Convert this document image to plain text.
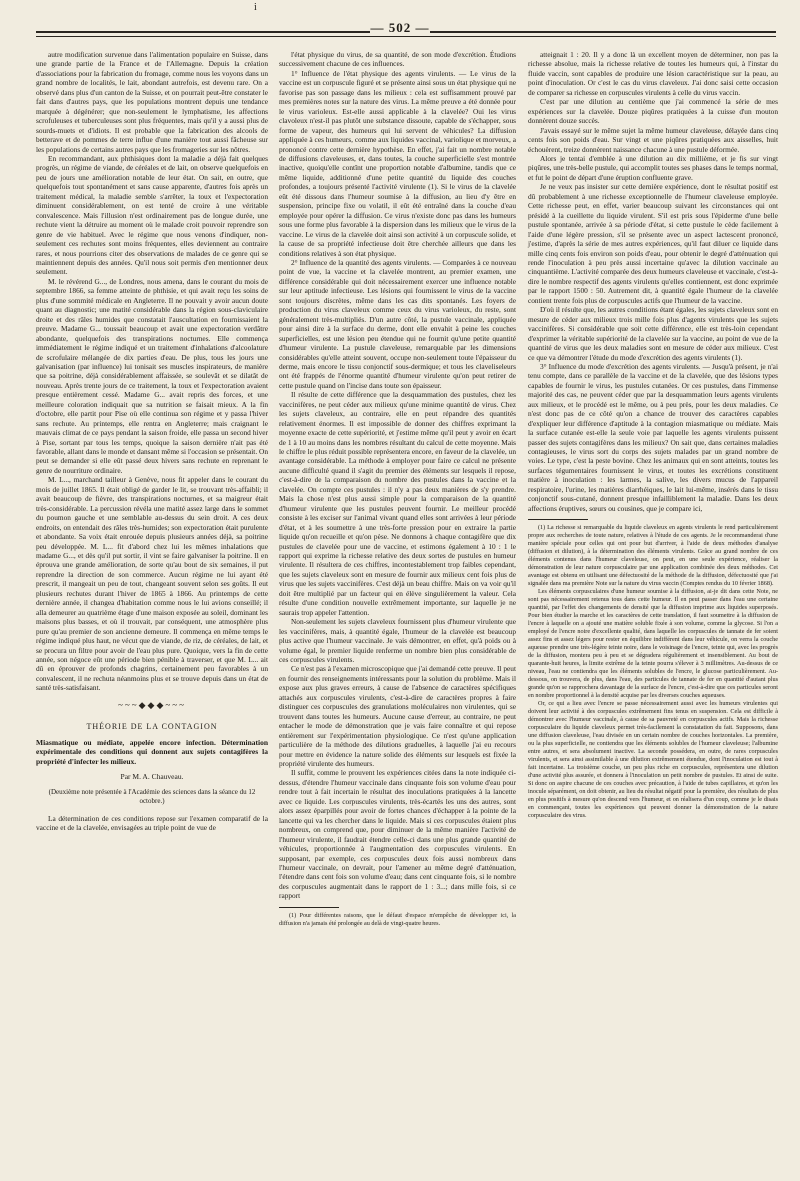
i
— 502 —

autre modification survenue dans l'alimentation populaire en Suisse, dans une grande partie de la France et de l'Allemagne. Depuis la création d'associations pour la fabrication du fromage, comme nous les voyons dans un grand nombre de localités, le lait, abondant autrefois, est devenu rare. On a observé dans plus d'un canton de la Suisse, et on pourrait peut-être constater le fait dans d'autres pays, que les populations montrent depuis une tendance marquée à dégénérer; que non-seulement le lymphatisme, les affections scrofuleuses et tuberculeuses sont plus fréquentes, mais qu'il y a aussi plus de sourds-muets et d'idiots. Il est probable que la fabrication des alcools de betterave et de pommes de terre influe d'une manière tout aussi fâcheuse sur les populations de certains autres pays que les fromageries sur les nôtres.

En recommandant, aux phthisiques dont la maladie a déjà fait quelques progrès, un régime de viande, de céréales et de lait, on observe quelquefois en peu de jours une amélioration notable de leur état. On sait, en outre, que quelquefois tout spontanément et sans cause apparente, d'autres fois après un traitement médical, la maladie semble s'arrêter, la toux et l'expectoration diminuent considérablement, on est tenté de croire à une véritable convalescence. Mais l'illusion n'est ordinairement pas de longue durée, une rechute vient la détruire au moment où le malade croit pouvoir reprendre son genre de vie habituel. Avec le régime que nous venons d'indiquer, non-seulement ces rechutes sont moins fréquentes, elles deviennent au contraire rares, et nous pourrions citer des observations de malades de ce genre qui se maintiennent depuis des années. Qu'il nous soit permis d'en mentionner deux seulement.

M. le révérend G..., de Londres, nous amena, dans le courant du mois de septembre 1866, sa femme atteinte de phthisie, et qui avait reçu les soins de plus d'une sommité médicale en Angleterre. Il ne pouvait y avoir aucun doute quant au diagnostic; une matité considérable dans la région sous-claviculaire droite et des râles humides que constatait l'auscultation en fournissaient la preuve. Madame G... toussait beaucoup et avait une expectoration verdâtre abondante, quelquefois des transpirations nocturnes. Elle commença immédiatement le régime indiqué et un traitement d'inhalations d'alcoolature de scrofulaire mélangée de dix parties d'eau. De plus, tous les jours une galvanisation (par influence) lui tonisait ses muscles inspirateurs, de manière que sa poitrine, déjà considérablement affaissée, se soulevât et se dilatât de nouveau. Après trente jours de ce traitement, la toux et l'expectoration avaient presque entièrement cessé. Madame G... avait repris des forces, et une meilleure coloration indiquait que sa nutrition se faisait mieux. A la fin d'octobre, elle partit pour Pise où elle continua son régime et y passa l'hiver sans rechute. Au printemps, elle rentra en Angleterre; mais craignant le mauvais climat de ce pays pendant la saison froide, elle passa un second hiver à Pise, sortant par tous les temps, quoique la saison dernière n'ait pas été favorable, allant dans le monde et dansant même si l'occasion se présentait. On peut se demander si elle eût passé deux hivers sans rechute en reprenant le genre de nourriture ordinaire.

M. L..., marchand tailleur à Genève, nous fit appeler dans le courant du mois de juillet 1865. Il était obligé de garder le lit, se trouvant très-affaibli; il avait beaucoup de fièvre, des transpirations nocturnes, et sa maigreur était très-considérable. La percussion révéla une matité assez large dans le sommet du poumon gauche et une semblable au-dessus du sein droit. A ces deux endroits, on entendait des râles très-humides; son expectoration était purulente et abondante. Sa voix était enrouée depuis plusieurs années déjà, sa poitrine peu développée. M. L... fit d'abord chez lui les mêmes inhalations que madame G..., et dès qu'il put sortir, il vint se faire galvaniser la poitrine. Il en éprouva une grande amélioration, de sorte qu'au bout de six semaines, il put reprendre la direction de son commerce. Aucun régime ne lui ayant été prescrit, il mangeait un peu de tout, changeant souvent selon ses goûts. Il eut plusieurs rechutes durant l'hiver de 1865 à 1866. Au printemps de cette dernière année, il changea d'habitation comme nous le lui avions conseillé; il alla demeurer au quatrième étage d'une maison exposée au soleil, dominant les maisons plus basses, et où il trouvait, par conséquent, une atmosphère plus pure qu'au premier de son ancienne demeure. Il commença en même temps le régime indiqué plus haut, ne vécut que de viande, de riz, de céréales, de lait, et se procura un filtre pour avoir de l'eau plus pure. Quoique, vers la fin de cette année, son négoce eût une période bien pénible à traverser, et que M. L... ait dû en éprouver de profonds chagrins, certainement peu favorables à un convalescent, il ne rechuta néanmoins plus et se trouve depuis dans un état de santé très-satisfaisant.

~~~◆◆◆~~~
THÉORIE DE LA CONTAGION
Miasmatique ou médiate, appelée encore infection. Détermination expérimentale des conditions qui donnent aux sujets contagifères la propriété d'infecter les milieux.
Par M. A. Chauveau.
(Deuxième note présentée à l'Académie des sciences dans la séance du 12 octobre.)

La détermination de ces conditions repose sur l'examen comparatif de la vaccine et de la clavelée, envisagées au triple point de vue de

l'état physique du virus, de sa quantité, de son mode d'excrétion. Étudions successivement chacune de ces influences.

1° Influence de l'état physique des agents virulents. — Le virus de la vaccine est un corpuscule figuré et se présente ainsi sous un état physique qui ne favorise pas son passage dans les milieux : cela est suffisamment prouvé par mes premières notes sur la nature des virus. La même preuve a été donnée pour le virus varioleux. Est-elle aussi applicable à la clavelée? Oui les virus clavoleux n'est-il pas plutôt une substance dissoute, capable de s'échapper, sous forme de vapeur, des humeurs qui lui servent de véhicules? La diffusion appliquée à ces humeurs, comme aux liquides vaccinal, variolique et morveux, a prononcé contre cette dernière hypothèse. En effet, j'ai fait un nombre notable de diffusions claveleuses, et, dans toutes, la couche superficielle s'est montrée inactive, quoiqu'elle contînt une proportion notable d'albumine, tandis que ce même liquide, additionné d'une petite quantité du liquide des couches profondes, a toujours présenté l'activité virulente (1). Si le virus de la clavelée eût été dissous dans l'humeur soumise à la diffusion, au lieu d'y être en suspension, principe fixe ou volatil, il eût été entraîné dans la couche d'eau employée pour opérer la diffusion. Ce virus n'existe donc pas dans les humeurs sous une forme plus favorable à la dispersion dans les milieux que le virus de la vaccine. Le virus de la clavelée doit ainsi son activité à un corpuscule solide, et la cause de sa propriété infectieuse doit être cherchée ailleurs que dans les conditions relatives à son état physique.

2° Influence de la quantité des agents virulents. — Comparées à ce nouveau point de vue, la vaccine et la clavelée montrent, au premier examen, une différence considérable qui doit nécessairement exercer une influence notable sur leur aptitude infectieuse. Les lésions qui fournissent le virus de la vaccine sont toujours discrètes, même dans les cas dits spontanés. Les foyers de production du virus claveleux comme ceux du virus varioleux, du reste, sont généralement très-multipliés. D'un autre côté, la pustule vaccinale, appliquée pour ainsi dire à la surface du derme, dont elle envahit à peine les couches superficielles, est une lésion peu étendue qui ne fournit qu'une petite quantité d'humeur virulente. La pustule claveleuse, remarquable par les dimensions considérables qu'elle atteint souvent, occupe non-seulement toute l'épaisseur du derme, mais encore le tissu conjonctif sous-dermique; et tous les claveliseleurs ont été frappés de l'énorme quantité d'humeur virulente qu'on peut retirer de cette pustule quand on l'incise dans toute son épaisseur.

Il résulte de cette différence que la desquammation des pustules, chez les vaccinifères, ne peut céder aux milieux qu'une minime quantité de virus. Chez les sujets claveleux, au contraire, elle en peut répandre des quantités relativement énormes. Il est impossible de donner des chiffres exprimant la moyenne exacte de cette supériorité, et j'estime même qu'il peut y avoir en écart de 1 à 10 au moins dans les nombres résultant du calcul de cette moyenne. Mais le chiffre le plus réduit possible représentera encore, en faveur de la clavelée, un avantage considérable. La méthode à employer pour faire ce calcul ne présente aucune difficulté quand il s'agit du premier des éléments sur lesquels il repose, c'est-à-dire de la comparaison du nombre des pustules dans la vaccine et la clavelée. On compte ces pustules : il n'y a pas deux manières de s'y prendre. Mais la chose n'est plus aussi simple pour la comparaison de la quantité d'humeur virulente que les pustules peuvent fournir. Le meilleur procédé consiste à les exciser sur l'animal vivant quand elles sont arrivées à leur période d'état, et à les soumettre à une très-forte pression pour en extraire la partie liquide qu'on recueille et qu'on pèse. Ne donnons à chaque contagifère que dix pustules de clavelée pour une de vaccine, et estimons également à 10 : 1 le rapport qui exprime la richesse relative des deux sortes de pustules en humeur virulente. Il résultera de ces chiffres, incontestablement trop faibles cependant, que les sujets claveleux sont en mesure de fournir aux milieux cent fois plus de virus que les sujets vaccinifères. C'est déjà un beau chiffre. Mais on va voir qu'il doit être multiplié par un facteur qui en élève singulièrement la valeur. Cela résulte d'une condition nouvelle extrêmement importante, sur laquelle je ne saurais trop appeler l'attention.

Non-seulement les sujets claveleux fournissent plus d'humeur virulente que les vaccinifères, mais, à quantité égale, l'humeur de la clavelée est beaucoup plus active que l'humeur vaccinale. Je vais démontrer, en effet, qu'à poids ou à volume égal, le premier liquide renferme un nombre bien plus considérable de ces corpuscules virulents.

Ce n'est pas à l'examen microscopique que j'ai demandé cette preuve. Il peut en fournir des renseignements intéressants pour la solution du problème. Mais il expose aux plus graves erreurs, à cause de l'absence de caractères spécifiques attachés aux corpuscules virulents, c'est-à-dire de caractères propres à faire distinguer ces corpuscules des granulations moléculaires non virulentes, qui se trouvent dans toutes les humeurs. Aucune cause d'erreur, au contraire, ne peut entacher le mode de démonstration que je vais faire connaître et qui repose entièrement sur l'expérimentation physiologique. Ce n'est qu'une application particulière de la méthode des dilutions graduelles, à laquelle j'ai eu recours pour mettre en évidence la nature solide des éléments sur lesquels est fixée la propriété virulente des humeurs.

Il suffit, comme le prouvent les expériences citées dans la note indiquée ci-dessus, d'étendre l'humeur vaccinale dans cinquante fois son volume d'eau pour rendre tout à fait incertain le résultat des inoculations pratiquées à la lancette avec ce liquide. Les corpuscules virulents, très-écartés les uns des autres, sont alors assez éparpillés pour avoir de fortes chances d'échapper à la pointe de la lancette qui va les chercher dans le liquide. Mais si ces corpuscules étaient plus nombreux, on comprend que, pour diminuer de la même manière l'activité de l'humeur virulente, il faudrait étendre celle-ci dans une plus grande quantité de véhicules, proportionnée à l'augmentation des corpuscules virulents. En supposant, par exemple, ces corpuscules deux fois aussi nombreux dans l'humeur vaccinale, on devrait, pour l'amener au même degré d'atténuation, l'étendre dans cent fois son volume d'eau; dans cent cinquante fois, si le nombre des corpuscules augmentait dans le rapport de 1 : 3...; dans mille fois, si ce rapport

(1) Pour différentes raisons, que le défaut d'espace m'empêche de développer ici, la diffusion n'a jamais été prolongée au delà de vingt-quatre heures.

atteignait 1 : 20. Il y a donc là un excellent moyen de déterminer, non pas la richesse absolue, mais la richesse relative de toutes les humeurs qui, à l'instar du fluide vaccin, sont capables de produire une lésion caractéristique sur la peau, au point d'inoculation. Or c'est le cas du virus claveleux. J'ai donc saisi cette occasion de comparer sa richesse en corpuscules virulents à celle du virus vaccin.

C'est par une dilution au centième que j'ai commencé la série de mes expériences sur la clavelée. Douze piqûres pratiquées à la cuisse d'un mouton donnèrent douze succès.

J'avais essayé sur le même sujet la même humeur claveleuse, délayée dans cinq cents fois son poids d'eau. Sur vingt et une piqûres pratiquées aux aisselles, huit échouèrent, treize donnèrent naissance chacune à une pustule déformée.

Alors je tentai d'emblée à une dilution au dix millième, et je fis sur vingt piqûres, une très-belle pustule, qui accomplit toutes ses phases dans le temps normal, et fut le point de départ d'une éruption confluente grave.

Je ne veux pas insister sur cette dernière expérience, dont le résultat positif est dû probablement à une richesse exceptionnelle de l'humeur claveleuse employée. Cette richesse peut, en effet, varier beaucoup suivant les circonstances qui ont présidé à la cueillette du liquide virulent. S'il est pris sous l'épiderme d'une belle pustule spontanée, arrivée à sa période d'état, si cette pustule le cède facilement à l'aide d'une légère pression, s'il se présente avec un aspect lactescent prononcé, j'estime, d'après la série de mes autres expériences, qu'il faut diluer ce liquide dans mille cinq cents fois environ son poids d'eau, pour obtenir le degré d'atténuation qui rende l'inoculation à peu près aussi incertaine qu'avec la dilution vaccinale au cinquantième. L'activité comparée des deux humeurs claveleuse et vaccinale, c'est-à-dire le nombre respectif des agents virulents qu'elles contiennent, est donc exprimée par le rapport 1500 : 50. Autrement dit, à quantité égale l'humeur de la clavelée contient trente fois plus de corpuscules actifs que l'humeur de la vaccine.

D'où il résulte que, les autres conditions étant égales, les sujets claveleux sont en mesure de céder aux milieux trois mille fois plus d'agents virulents que les sujets vaccinifères. Si considérable que soit cette différence, elle est très-loin cependant d'exprimer la véritable supériorité de la clavelée sur la vaccine, au point de vue de la quantité de virus que les deux maladies sont en mesure de céder aux milieux. C'est ce que va démontrer l'étude du mode d'excrétion des agents virulents (1).

3° Influence du mode d'excrétion des agents virulents. — Jusqu'à présent, je n'ai tenu compte, dans ce parallèle de la vaccine et de la clavelée, que des lésions types capables de fournir le virus, les pustules cutanées. Or ces pustules, dans l'immense majorité des cas, ne peuvent céder que par la desquammation leurs agents virulents aux milieux, et le procédé est le même, ou à peu près, pour les deux maladies. Ce n'est donc pas de ce côté qu'on a chance de trouver des caractères capables d'expliquer leur différence d'aptitude à la contagion miasmatique ou médiate. Mais la surface cutanée est-elle la seule voie par laquelle les agents virulents puissent passer des sujets contagifères dans les milieux? On sait que, dans certaines maladies contagieuses, le virus sort du corps des sujets malades par un grand nombre de voies. Le type, c'est la peste bovine. Chez les animaux qui en sont atteints, toutes les surfaces tégumentaires fournissent le virus, et toutes les excrétions constituent matière à inoculation : les larmes, la salive, les divers mucus de l'appareil respiratoire, l'urine, les matières diarrhéiques, le lait lui-même, insérés dans le tissu conjonctif sous-cutané, donnent presque infailliblement la maladie. Dans les deux affections éruptives, sœurs ou cousines, que je compare ici,

(1) La richesse si remarquable du liquide claveleux en agents virulents le rend particulièrement propre aux recherches de toute nature, relatives à l'étude de ces agents. Je le recommanderai d'une manière spéciale pour celles qui ont pour but d'arriver, à l'aide de deux méthodes d'analyse (diffusion et dilution), à la détermination des éléments virulents. Grâce au grand nombre de ces éléments contenus dans l'humeur claveleuse, on peut, en une seule expérience, réaliser la démonstration de leur nature corpusculaire par une application combinée des deux méthodes. Cet avantage est obtenu en utilisant une défectuosité de la méthode de la diffusion, défectuosité que j'ai signalée dans ma première Note sur la nature du virus vaccin (Comptes rendus du 10 février 1868).

Les éléments corpusculaires d'une humeur soumise à la diffusion, ai-je dit dans cette Note, ne sont pas nécessairement retenus tous dans cette humeur. Il en peut passer dans l'eau une certaine quantité, par l'effet des changements de densité que la diffusion imprime aux liquides superposés. Pour bien étudier la marche et les caractères de cette translation, il faut soumettre à la diffusion de l'encre à laquelle on a ajouté une matière soluble fixée à son volume, comme la glycose. Si l'on a employé de l'encre noire d'excellente qualité, dans laquelle les corpuscules de tannate de fer soient assez fins et assez légers pour rester en équilibre indifférent dans leur véhicule, on verra la couche aqueuse prendre une très-légère teinte noire, dans le voisinage de l'encre, teinte qui, avec les progrès de la diffusion, montera peu à peu et se dégradera régulièrement et insensiblement. Au bout de quarante-huit heures, la limite extrême de la teinte pourra s'élever à 3 millimètres. Au-dessus de ce niveau, l'eau ne contiendra que les éléments solubles de l'encre, le glucose particulièrement. Au-dessous, on trouvera, de plus, dans l'eau, des particules de tannate de fer en quantité d'autant plus grande qu'on se rapprochera davantage de la surface de l'encre, c'est-à-dire que ces particules seront en nombre proportionnel à la densité acquise par les diverses couches aqueuses.

Or, ce qui a lieu avec l'encre se passe nécessairement aussi avec les humeurs virulentes qui doivent leur activité à des corpuscules extrêmement fins tenus en suspension. Cela est difficile à démontrer avec l'humeur vaccinale, à cause de sa pauvreté en corpuscules actifs. Mais la richesse corpusculaire du liquide claveleux permet très-facilement la constatation du fait. Supposons, dans une diffusion claveleuse, l'eau divisée en un certain nombre de couches horizontales. La première, ou la plus superficielle, ne contiendra que les éléments solubles de l'humeur claveleuse; l'albumine entre autres, et sera absolument inactive. La seconde possédera, en outre, de rares corpuscules virulents, et sera ainsi assimilable à une dilution extrêmement étendue, dont l'inoculation est tout à fait incertaine. La troisième couche, un peu plus riche en corpuscules, représentera une dilution d'une activité plus assurée, et donnera à l'inoculation un petit nombre de pustules. Et ainsi de suite. Si donc on aspire chacune de ces couches avec précaution, à l'aide de tubes capillaires, et qu'on les inocule séparément, on doit obtenir, au lieu du résultat négatif pour la première, des résultats de plus en plus positifs à mesure qu'on descend vers l'humeur, et on réalisera d'un coup, comme je le disais en commençant, toutes les expériences qui peuvent donner la démonstration de la nature corpusculaire des virus.
